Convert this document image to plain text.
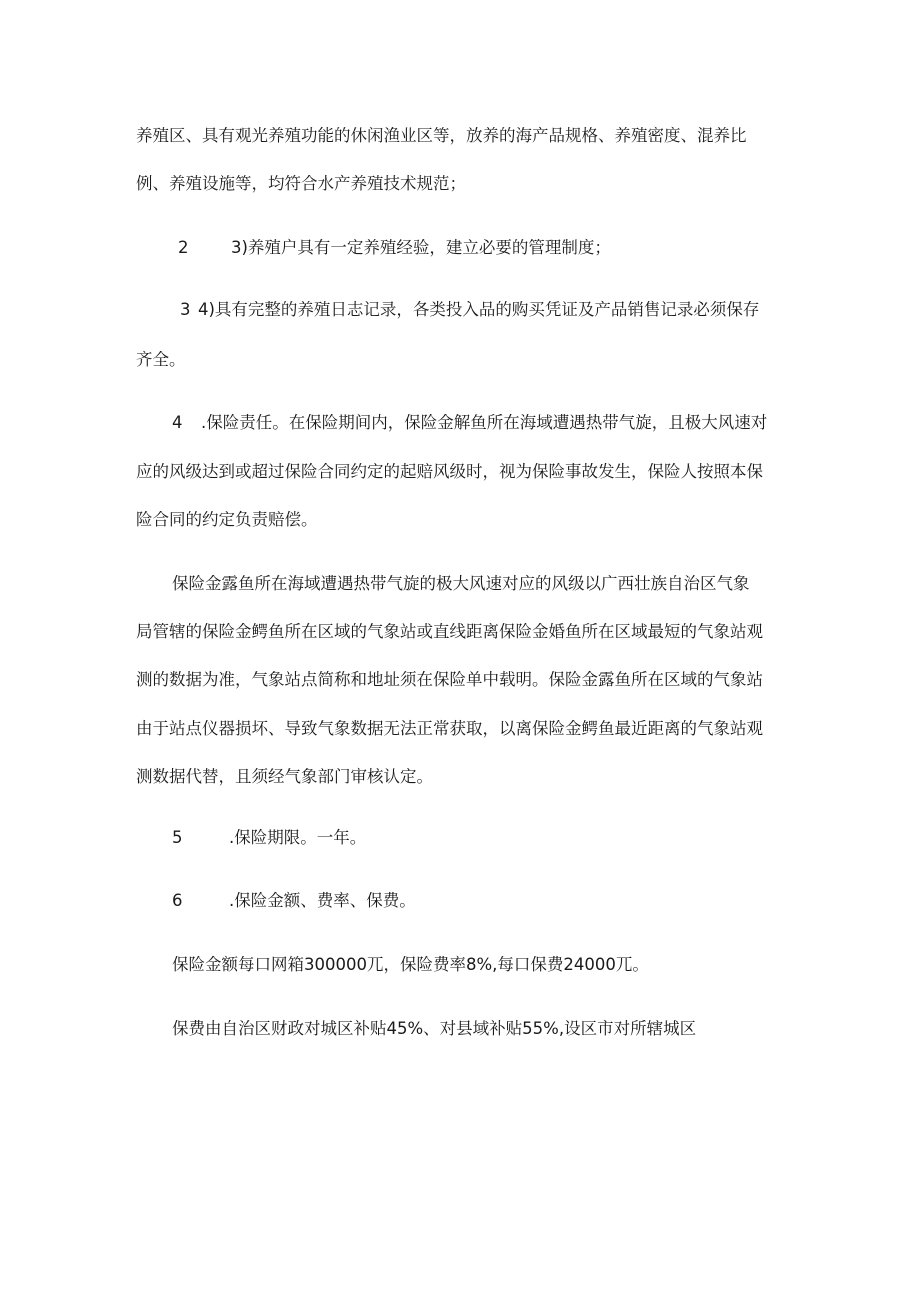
养殖区、具有观光养殖功能的休闲渔业区等，放养的海产品规格、养殖密度、混养比
例、养殖设施等，均符合水产养殖技术规范；
2	3)养殖户具有一定养殖经验，建立必要的管理制度；
3 4)具有完整的养殖日志记录，各类投入品的购买凭证及产品销售记录必须保存
齐全。
4 .保险责任。在保险期间内，保险金解鱼所在海域遭遇热带气旋，且极大风速对
应的风级达到或超过保险合同约定的起赔风级时，视为保险事故发生，保险人按照本保
险合同的约定负责赔偿。
保险金露鱼所在海域遭遇热带气旋的极大风速对应的风级以广西壮族自治区气象
局管辖的保险金鳄鱼所在区域的气象站或直线距离保险金婚鱼所在区域最短的气象站观
测的数据为准，气象站点简称和地址须在保险单中载明。保险金露鱼所在区域的气象站
由于站点仪器损坏、导致气象数据无法正常获取，以离保险金鳄鱼最近距离的气象站观
测数据代替，且须经气象部门审核认定。
5	.保险期限。一年。
6	.保险金额、费率、保费。
保险金额每口网箱300000兀，保险费率8%,每口保费24000兀。
保费由自治区财政对城区补贴45%、对县域补贴55%,设区市对所辖城区
